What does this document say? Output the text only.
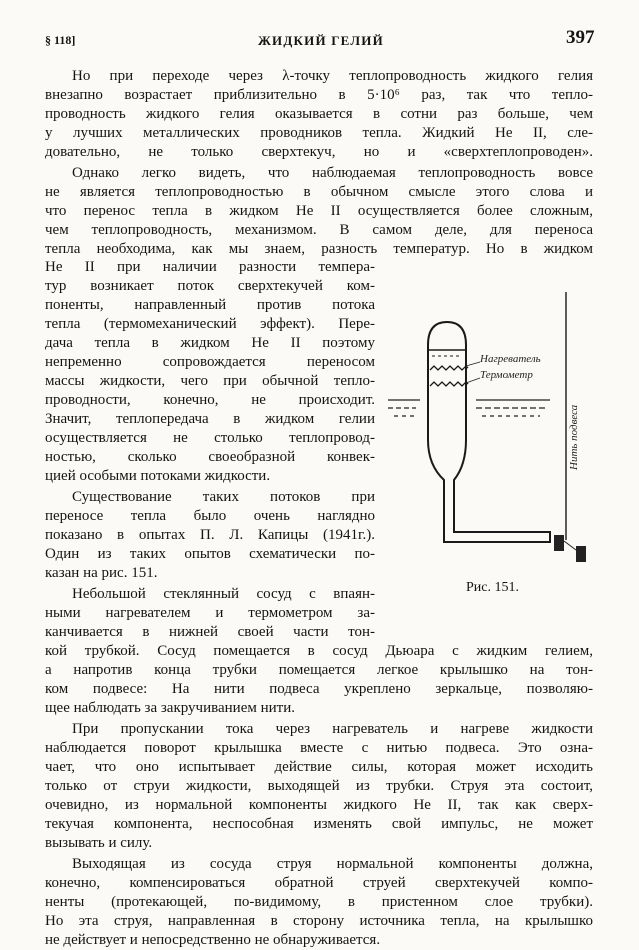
§ 118]	ЖИДКИЙ ГЕЛИЙ	397

Но при переходе через λ-точку теплопроводность жидкого гелия

внезапно возрастает приблизительно в 5·10⁶ раз, так что тепло-

проводность жидкого гелия оказывается в сотни раз больше, чем

у лучших металлических проводников тепла. Жидкий Не II, сле-

довательно, не только сверхтекуч, но и «сверхтеплопроводен».

Однако легко видеть, что наблюдаемая теплопроводность вовсе

не является теплопроводностью в обычном смысле этого слова и

что перенос тепла в жидком Не II осуществляется более сложным,

чем теплопроводность, механизмом. В самом деле, для переноса

тепла необходима, как мы знаем, разность температур. Но в жидком

Не II при наличии разности темпера-

тур возникает поток сверхтекучей ком-

поненты, направленный против потока

тепла (термомеханический эффект). Пере-

дача тепла в жидком Не II поэтому

непременно сопровождается переносом

массы жидкости, чего при обычной тепло-

проводности, конечно, не происходит.

Значит, теплопередача в жидком гелии

осуществляется не столько теплопровод-

ностью, сколько своеобразной конвек-

цией особыми потоками жидкости.

Существование таких потоков при

переносе тепла было очень наглядно

показано в опытах П. Л. Капицы (1941г.).

Один из таких опытов схематически по-

казан на рис. 151.

Небольшой стеклянный сосуд с впаян-

ными нагревателем и термометром за-

канчивается в нижней своей части тон-

кой трубкой. Сосуд помещается в сосуд Дьюара с жидким гелием,

а напротив конца трубки помещается легкое крылышко на тон-

ком подвесе: На нити подвеса укреплено зеркальце, позволяю-

щее наблюдать за закручиванием нити.

При пропускании тока через нагреватель и нагреве жидкости

наблюдается поворот крылышка вместе с нитью подвеса. Это озна-

чает, что оно испытывает действие силы, которая может исходить

только от струи жидкости, выходящей из трубки. Струя эта состоит,

очевидно, из нормальной компоненты жидкого Не II, так как сверх-

текучая компонента, неспособная изменять свой импульс, не может

вызывать и силу.

Выходящая из сосуда струя нормальной компоненты должна,

конечно, компенсироваться обратной струей сверхтекучей компо-

ненты (протекающей, по-видимому, в пристенном слое трубки).

Но эта струя, направленная в сторону источника тепла, на крылышко

не действует и непосредственно не обнаруживается.

Нагреватель
Термометр
Нить подвеса
Рис. 151.
